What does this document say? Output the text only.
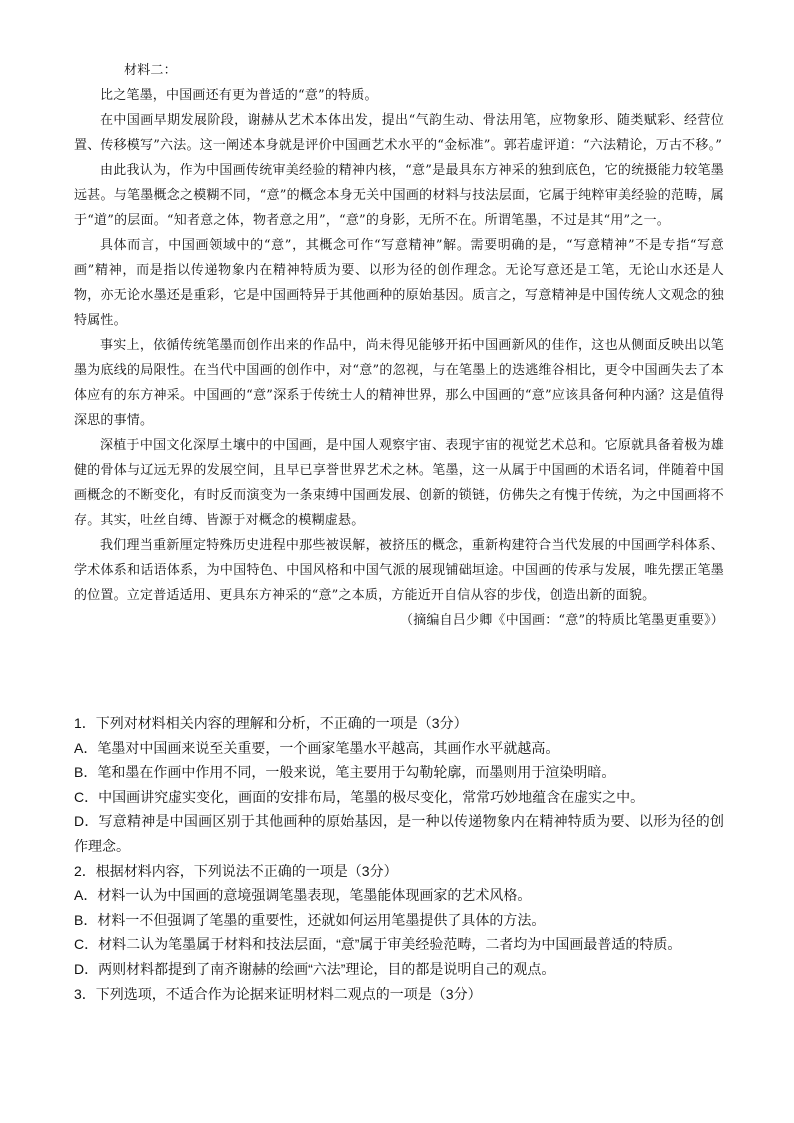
材料二：

比之笔墨，中国画还有更为普适的“意”的特质。

在中国画早期发展阶段，谢赫从艺术本体出发，提出“气韵生动、骨法用笔，应物象形、随类赋彩、经营位置、传移模写”六法。这一阐述本身就是评价中国画艺术水平的“金标准”。郭若虚评道：“六法精论，万古不移。”

由此我认为，作为中国画传统审美经验的精神内核，“意”是最具东方神采的独到底色，它的统摄能力较笔墨远甚。与笔墨概念之模糊不同，“意”的概念本身无关中国画的材料与技法层面，它属于纯粹审美经验的范畴，属于“道”的层面。“知者意之体，物者意之用”，“意”的身影，无所不在。所谓笔墨，不过是其“用”之一。

具体而言，中国画领域中的“意”，其概念可作“写意精神”解。需要明确的是，“写意精神”不是专指“写意画”精神，而是指以传递物象内在精神特质为要、以形为径的创作理念。无论写意还是工笔，无论山水还是人物，亦无论水墨还是重彩，它是中国画特异于其他画种的原始基因。质言之，写意精神是中国传统人文观念的独特属性。

事实上，依循传统笔墨而创作出来的作品中，尚未得见能够开拓中国画新风的佳作，这也从侧面反映出以笔墨为底线的局限性。在当代中国画的创作中，对“意”的忽视，与在笔墨上的迭逃维谷相比，更令中国画失去了本体应有的东方神采。中国画的“意”深系于传统士人的精神世界，那么中国画的“意”应该具备何种内涵？这是值得深思的事情。

深植于中国文化深厚土壤中的中国画，是中国人观察宇宙、表现宇宙的视觉艺术总和。它原就具备着极为雄健的骨体与辽远无界的发展空间，且早已享誉世界艺术之林。笔墨，这一从属于中国画的术语名词，伴随着中国画概念的不断变化，有时反而演变为一条束缚中国画发展、创新的锁链，仿佛失之有愧于传统，为之中国画将不存。其实，吐丝自缚、皆源于对概念的模糊虚悬。

我们理当重新厘定特殊历史进程中那些被误解，被挤压的概念，重新构建符合当代发展的中国画学科体系、学术体系和话语体系，为中国特色、中国风格和中国气派的展现铺础垣途。中国画的传承与发展，唯先摆正笔墨的位置。立定普适适用、更具东方神采的“意”之本质，方能近开自信从容的步伐，创造出新的面貌。

（摘编自吕少卿《中国画：“意”的特质比笔墨更重要》）

1．下列对材料相关内容的理解和分析，不正确的一项是（3分）

A．笔墨对中国画来说至关重要，一个画家笔墨水平越高，其画作水平就越高。

B．笔和墨在作画中作用不同，一般来说，笔主要用于勾勒轮廓，而墨则用于渲染明暗。

C．中国画讲究虚实变化，画面的安排布局，笔墨的极尽变化，常常巧妙地蕴含在虚实之中。

D．写意精神是中国画区别于其他画种的原始基因，是一种以传递物象内在精神特质为要、以形为径的创作理念。

2．根据材料内容，下列说法不正确的一项是（3分）

A．材料一认为中国画的意境强调笔墨表现，笔墨能体现画家的艺术风格。

B．材料一不但强调了笔墨的重要性，还就如何运用笔墨提供了具体的方法。

C．材料二认为笔墨属于材料和技法层面，“意”属于审美经验范畴，二者均为中国画最普适的特质。

D．两则材料都提到了南齐谢赫的绘画“六法”理论，目的都是说明自己的观点。

3．下列选项，不适合作为论据来证明材料二观点的一项是（3分）
